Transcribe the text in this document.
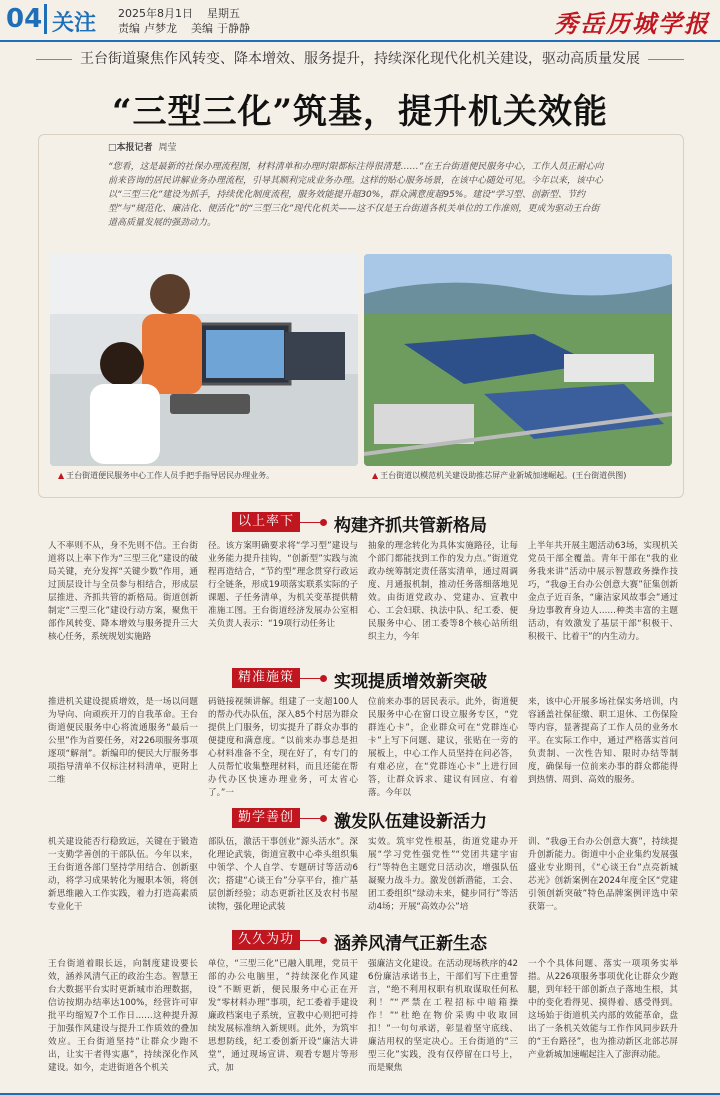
04 关注 2025年8月1日 星期五
责编 卢梦龙 美编 于静静	秀岳历城学报
王台街道聚焦作风转变、降本增效、服务提升，持续深化现代化机关建设，驱动高质量发展
“三型三化”筑基，提升机关效能
□本报记者 周莹
“您看，这是最新的社保办理流程图，材料清单和办理时限都标注得很清楚……”在王台街道便民服务中心，工作人员正耐心向前来咨询的居民讲解业务办理流程，引导其顺利完成业务办理。这样的贴心服务场景，在该中心随处可见。今年以来，该中心以“三型三化”建设为抓手，持续优化制度流程，服务效能提升超30%，群众满意度超95%。建设“学习型、创新型、节约型”与“规范化、廉洁化、便活化”的“三型三化”现代化机关——这不仅是王台街道各机关单位的工作准则，更成为驱动王台街道高质量发展的强劲动力。
▲ 王台街道便民服务中心工作人员手把手指导居民办理业务。	▲ 王台街道以模范机关建设助推芯屏产业新城加速崛起。(王台街道供图)
以上率下	构建齐抓共管新格局
人不率则不从，身不先则不信。王台街道将以上率下作为“三型三化”建设的破局关键，充分发挥“关键少数”作用，通过顶层设计与全员参与相结合，形成层层推进、齐抓共管的新格局。街道创新制定“三型三化”建设行动方案，聚焦干部作风转变、降本增效与服务提升三大核心任务，系统规划实施路
径。该方案明确要求将“学习型”建设与业务能力提升挂钩，“创新型”实践与流程再造结合，“节约型”理念贯穿行政运行全链条，形成19项落实联系实际的子课题、子任务清单，为机关变革提供精准施工图。王台街道经济发展办公室相关负责人表示：“19项行动任务让
抽象的理念转化为具体实施路径，让每个部门都能找到工作的发力点。”街道党政办统筹制定责任落实清单，通过周调度、月通报机制，推动任务落细落地见效。由街道党政办、党建办、宣教中心、工会妇联、执法中队、纪工委、便民服务中心、团工委等8个核心站所组织主力，今年
上半年共开展主题活动63场，实现机关党员干部全覆盖。青年干部在“我的业务我来讲”活动中展示智慧政务操作技巧，“我@王台办公创意大赛”征集创新金点子近百条，“廉洁家风故事会”通过身边事教育身边人……种类丰富的主题活动，有效激发了基层干部“积极干、积极干、比着干”的内生动力。
精准施策	实现提质增效新突破
推进机关建设提质增效，是一场以问题为导向、向顽疾开刀的自我革命。王台街道便民服务中心将流通服务“最后一公里”作为首要任务，对226项服务事项逐项“解剖”。新编印的便民大厅服务事项指导清单不仅标注材料清单，更附上二维
码链接视频讲解。组建了一支超100人的帮办代办队伍，深入85个村居为群众提供上门服务，切实提升了群众办事的便捷度和满意度。“以前来办事总是担心材料准备不全，现在好了，有专门的人员帮忙收集整理材料，而且还能在帮办代办区快速办理业务，可太省心了。”一
位前来办事的居民表示。此外，街道便民服务中心在窗口设立服务专区，“党群连心卡”，企业群众可在“党群连心卡”上写下问题、建议，张贴在一旁的展板上，中心工作人员坚持在问必答，有难必应，在“党群连心卡”上进行回答，让群众诉求、建议有回应、有着落。今年以
来，该中心开展多场社保实务培训，内容涵盖社保征缴、职工退休、工伤保险等内容，显著提高了工作人员的业务水平。在实际工作中，通过严格落实首问负责制、一次性告知、限时办结等制度，确保每一位前来办事的群众都能得到热情、周到、高效的服务。
勤学善创	激发队伍建设新活力
机关建设能否行稳致远，关键在于锻造一支勤学善创的干部队伍。今年以来，王台街道各部门坚持学用结合、创新驱动，将学习成果转化为履职本领，将创新思维融入工作实践，着力打造高素质专业化干
部队伍，激活干事创业“源头活水”。深化理论武装，街道宣教中心牵头组织集中领学、个人自学、专题研讨等活动6次；搭建“心谈王台”分享平台，推广基层创新经验；动态更新社区及农村书屋读物，强化理论武装
实效。筑牢党性根基，街道党建办开展“学习党性强党性”“党团共建宇宙行”等特色主题党日活动次，增强队伍凝聚力战斗力。激发创新潜能，工会、团工委组织“绿动未来，健步同行”等活动4场；开展“高效办公”培
训、“我@王台办公创意大赛”，持续提升创新能力。街道中小企业集约发展强盛业专业期刊，《“心谈王台”点亮新城芯光》创新案例在2024年度全区“党建引领创新突破”特色品牌案例评选中荣获第一。
久久为功	涵养风清气正新生态
王台街道着眼长远，向制度建设要长效，涵养风清气正的政治生态。智慧王台大数据平台实时更新城市治理数据，信访按期办结率达100%，经营许可审批平均缩短7个工作日……这种提升源于加强作风建设与提升工作质效的叠加效应。王台街道坚持“让群众少跑不出，让实干者得实惠”，持续深化作风建设。如今，走进街道各个机关
单位，“三型三化”已融入肌理，党员干部的办公电脑里，“持续深化作风建设”不断更新，便民服务中心正在开发“零材料办理”事项，纪工委着手建设廉政档案电子系统，宣教中心则把可持续发展标准纳入新规则。此外，为筑牢思想防线，纪工委创新开设“廉洁大讲堂”，通过现场宣讲、观看专题片等形式，加
强廉洁文化建设。在活动现场秩序的426份廉洁承诺书上，干部们写下庄重誓言，“绝不利用权职有机取谋取任何私利！”“严禁在工程招标中暗箱操作！”“杜绝在物价采购中收取回扣！”一句句承诺，彰显着坚守底线、廉洁用权的坚定决心。王台街道的“三型三化”实践，没有仅停留在口号上，而是聚焦
一个个具体问题、落实一项项务实举措。从226项服务事项优化让群众少跑腿，到年轻干部创新点子落地生根，其中的变化看得见、摸得着、感受得到。这场始于街道机关内部的效能革命，盘出了一条机关效能与工作作风同步跃升的“王台路径”，也为推动新区北部芯屏产业新城加速崛起注入了澎湃动能。
